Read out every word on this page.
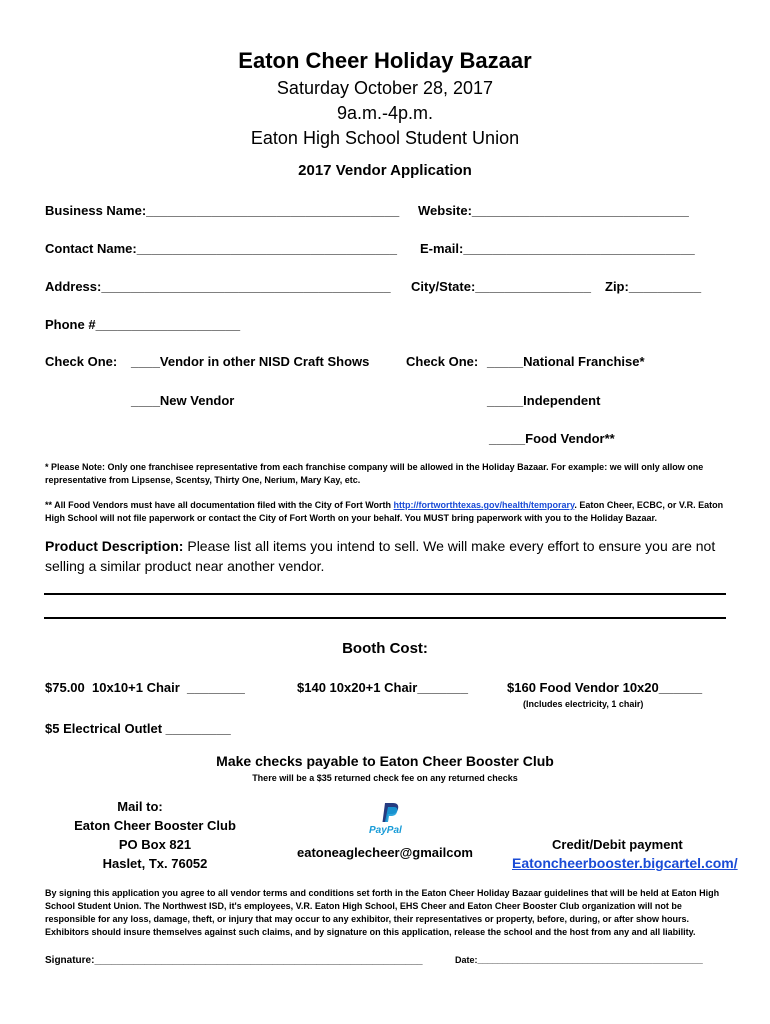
Eaton Cheer Holiday Bazaar
Saturday October 28, 2017
9a.m.-4p.m.
Eaton High School Student Union
2017 Vendor Application
Business Name:___________________________________ Website:______________________________
Contact Name:____________________________________ E-mail:________________________________
Address:________________________________________ City/State:________________ Zip:__________
Phone #____________________
Check One: ____Vendor in other NISD Craft Shows
____New Vendor
Check One: _____National Franchise*
_____Independent
_____Food Vendor**
* Please Note: Only one franchisee representative from each franchise company will be allowed in the Holiday Bazaar. For example: we will only allow one representative from Lipsense, Scentsy, Thirty One, Nerium, Mary Kay, etc.
** All Food Vendors must have all documentation filed with the City of Fort Worth http://fortworthtexas.gov/health/temporary. Eaton Cheer, ECBC, or V.R. Eaton High School will not file paperwork or contact the City of Fort Worth on your behalf. You MUST bring paperwork with you to the Holiday Bazaar.
Product Description: Please list all items you intend to sell. We will make every effort to ensure you are not selling a similar product near another vendor.
Booth Cost:
$75.00  10x10+1 Chair  ________	$140 10x20+1 Chair_______	$160 Food Vendor 10x20______
(Includes electricity, 1 chair)
$5 Electrical Outlet _________
Make checks payable to Eaton Cheer Booster Club
There will be a $35 returned check fee on any returned checks
Mail to:
Eaton Cheer Booster Club
PO Box 821
Haslet, Tx. 76052
PayPal
eatoneaglecheer@gmailcom
Credit/Debit payment
Eatoncheerbooster.bigcartel.com/
By signing this application you agree to all vendor terms and conditions set forth in the Eaton Cheer Holiday Bazaar guidelines that will be held at Eaton High School Student Union. The Northwest ISD, it's employees, V.R. Eaton High School, EHS Cheer and Eaton Cheer Booster Club organization will not be responsible for any loss, damage, theft, or injury that may occur to any exhibitor, their representatives or property, before, during, or after show hours. Exhibitors should insure themselves against such claims, and by signature on this application, release the school and the host from any and all liability.
Signature:___________________________________________________________	Date:_____________________________________________
